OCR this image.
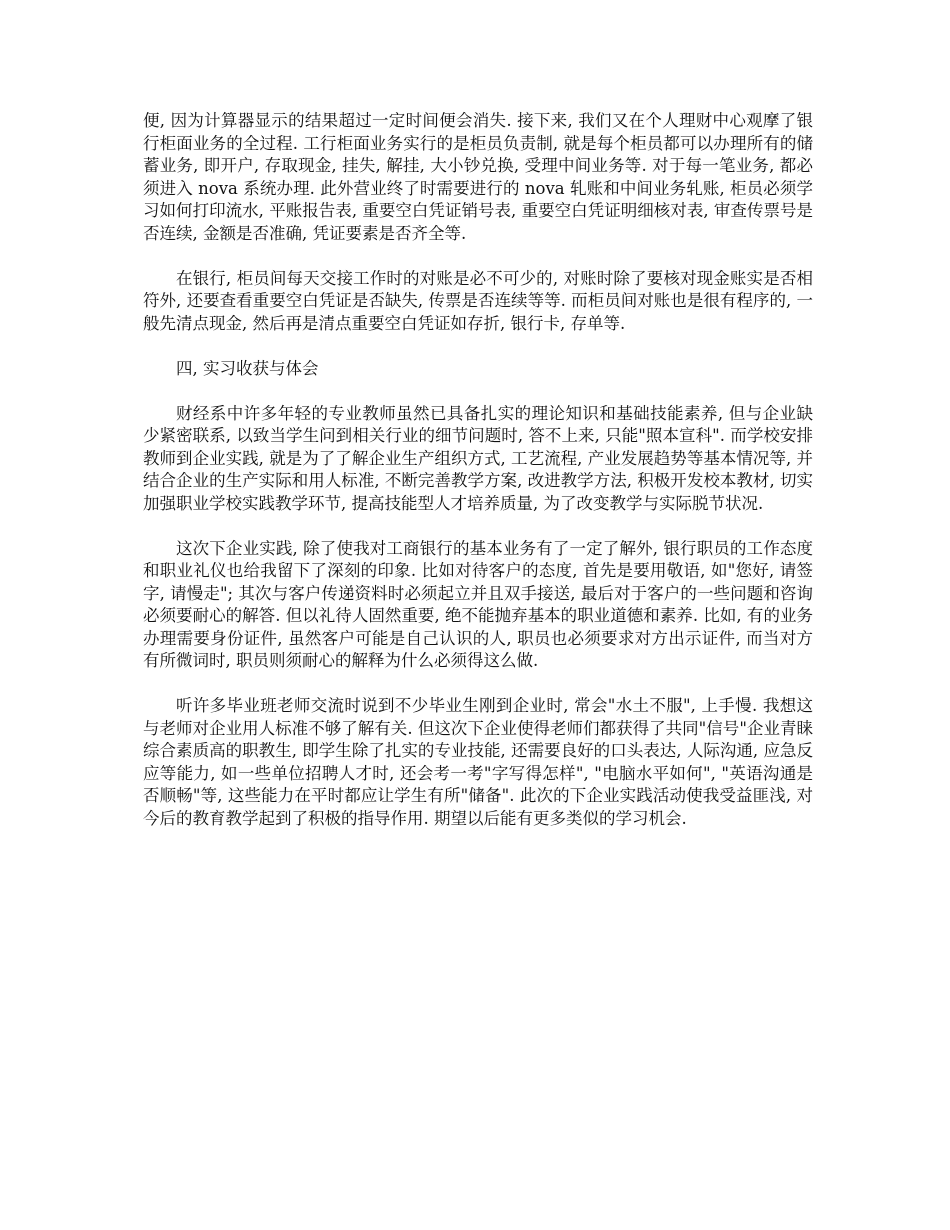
便, 因为计算器显示的结果超过一定时间便会消失. 接下来, 我们又在个人理财中心观摩了银行柜面业务的全过程. 工行柜面业务实行的是柜员负责制, 就是每个柜员都可以办理所有的储蓄业务, 即开户, 存取现金, 挂失, 解挂, 大小钞兑换, 受理中间业务等. 对于每一笔业务, 都必须进入 nova 系统办理. 此外营业终了时需要进行的 nova 轧账和中间业务轧账, 柜员必须学习如何打印流水, 平账报告表, 重要空白凭证销号表, 重要空白凭证明细核对表, 审查传票号是否连续, 金额是否准确, 凭证要素是否齐全等.

在银行, 柜员间每天交接工作时的对账是必不可少的, 对账时除了要核对现金账实是否相符外, 还要查看重要空白凭证是否缺失, 传票是否连续等等. 而柜员间对账也是很有程序的, 一般先清点现金, 然后再是清点重要空白凭证如存折, 银行卡, 存单等.

四, 实习收获与体会

财经系中许多年轻的专业教师虽然已具备扎实的理论知识和基础技能素养, 但与企业缺少紧密联系, 以致当学生问到相关行业的细节问题时, 答不上来, 只能"照本宣科". 而学校安排教师到企业实践, 就是为了了解企业生产组织方式, 工艺流程, 产业发展趋势等基本情况等, 并结合企业的生产实际和用人标准, 不断完善教学方案, 改进教学方法, 积极开发校本教材, 切实加强职业学校实践教学环节, 提高技能型人才培养质量, 为了改变教学与实际脱节状况.

这次下企业实践, 除了使我对工商银行的基本业务有了一定了解外, 银行职员的工作态度和职业礼仪也给我留下了深刻的印象. 比如对待客户的态度, 首先是要用敬语, 如"您好, 请签字, 请慢走"; 其次与客户传递资料时必须起立并且双手接送, 最后对于客户的一些问题和咨询必须要耐心的解答. 但以礼待人固然重要, 绝不能抛弃基本的职业道德和素养. 比如, 有的业务办理需要身份证件, 虽然客户可能是自己认识的人, 职员也必须要求对方出示证件, 而当对方有所微词时, 职员则须耐心的解释为什么必须得这么做.

听许多毕业班老师交流时说到不少毕业生刚到企业时, 常会"水土不服", 上手慢. 我想这与老师对企业用人标准不够了解有关. 但这次下企业使得老师们都获得了共同"信号"企业青睐综合素质高的职教生, 即学生除了扎实的专业技能, 还需要良好的口头表达, 人际沟通, 应急反应等能力, 如一些单位招聘人才时, 还会考一考"字写得怎样", "电脑水平如何", "英语沟通是否顺畅"等, 这些能力在平时都应让学生有所"储备". 此次的下企业实践活动使我受益匪浅, 对今后的教育教学起到了积极的指导作用. 期望以后能有更多类似的学习机会.
